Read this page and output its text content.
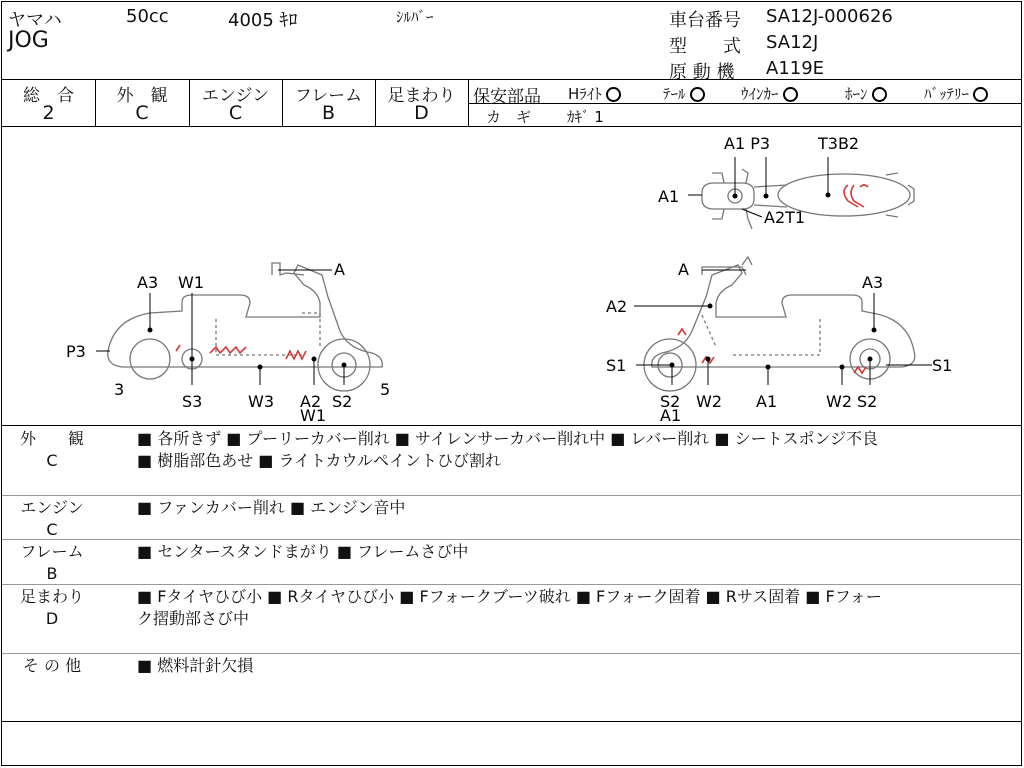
ヤマハ	50cc	4005 ｷﾛ	ｼﾙﾊﾞｰ
JOG
車台番号 SA12J-000626
型　　式 SA12J
原 動 機 A119E
総　合
2
外　観
C
エンジン
C
フレーム
B
足まわり
D
保安部品 Hﾗｲﾄ	ﾃｰﾙ	ｳｲﾝｶｰ	ﾎｰﾝ	ﾊﾞｯﾃﾘｰ
カ　ギ ｶｷﾞ 1
A1 P3	T3B2
A1
A2T1
A
A3 W1
P3
3
S3	W3 A2 S2
W1
5
A
A3
A2
S1	S1
S2
A1
W2 A1	W2 S2
外　　観
C
■ 各所きず ■ プーリーカバー削れ ■ サイレンサーカバー削れ中 ■ レバー削れ ■ シートスポンジ不良
■ 樹脂部色あせ ■ ライトカウルペイントひび割れ
エンジン
C
■ ファンカバー削れ ■ エンジン音中
フレーム
B
■ センタースタンドまがり ■ フレームさび中
足まわり
D
■ Fタイヤひび小 ■ Rタイヤひび小 ■ Fフォークブーツ破れ ■ Fフォーク固着 ■ Rサス固着 ■ Fフォー
ク摺動部さび中
そ の 他	■ 燃料計針欠損
